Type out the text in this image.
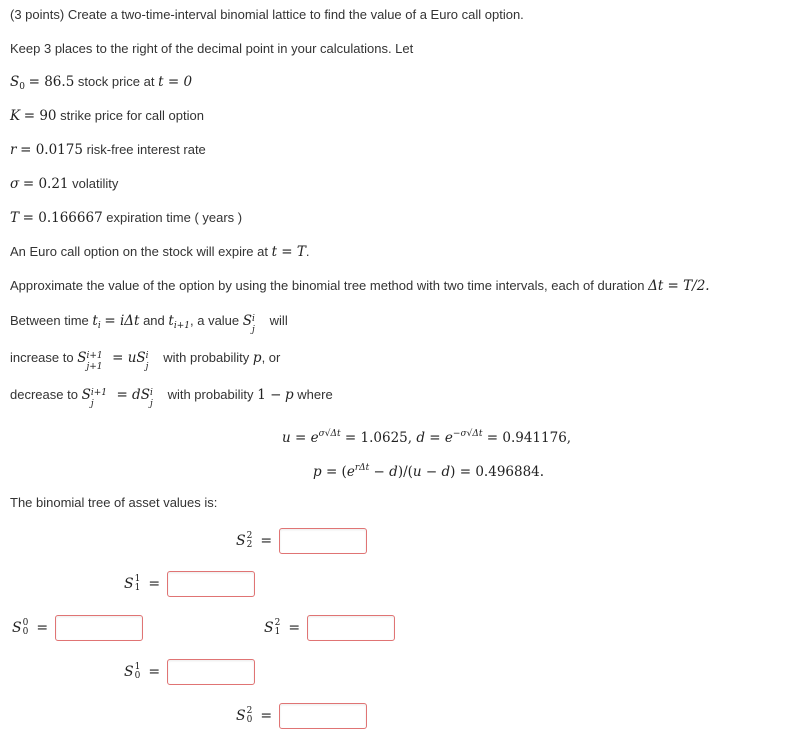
(3 points) Create a two-time-interval binomial lattice to find the value of a Euro call option.
Keep 3 places to the right of the decimal point in your calculations. Let
$S_0 = 86.5$ stock price at t = 0
K = 90 strike price for call option
r = 0.0175 risk-free interest rate
σ = 0.21 volatility
T = 0.166667 expiration time ( years )
An Euro call option on the stock will expire at t = T.
Approximate the value of the option by using the binomial tree method with two time intervals, each of duration Δt = T/2.
Between time $t_i = i\Delta t$ and $t_{i+1}$, a value S i
j
will
increase to S i+1
j+1
= uS i
j
with probability p, or
decrease to S i+1
j
= dS i
j
with probability 1 − p where
$u = e^{\sigma√\Delta t} = 1.0625$, $d = e^{-\sigma√\Delta t} = 0.941176$,
$p = (e^{r\Delta t} - d)/(u - d) = 0.496884$.
The binomial tree of asset values is:
S 2
2 =
S 1
1 =
S 0
0 =	S 2
1 =
S 1
0 =
S 2
0 =
